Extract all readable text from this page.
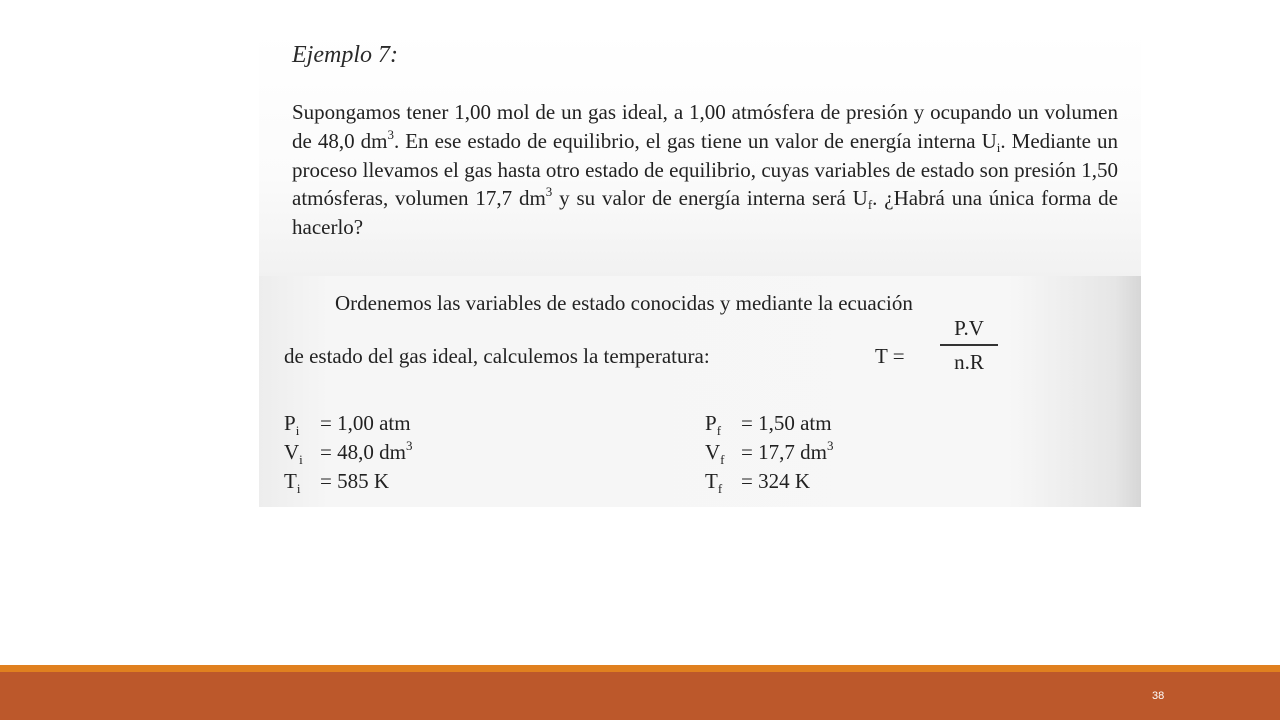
Ejemplo 7:

Supongamos tener 1,00 mol de un gas ideal, a 1,00 atmósfera de presión y ocupando un volumen de 48,0 $dm^3$. En ese estado de equilibrio, el gas tiene un valor de energía interna $U_i$. Mediante un proceso llevamos el gas hasta otro estado de equilibrio, cuyas variables de estado son presión 1,50 atmósferas, volumen 17,7 $dm^3$ y su valor de energía interna será $U_f$. ¿Habrá una única forma de hacerlo?

Ordenemos las variables de estado conocidas y mediante la ecuación
de estado del gas ideal, calculemos la temperatura:	$T = \frac{P.V}{n.R}$
$P_i = 1,00$ atm
$V_i = 48,0$ $dm^3$
$T_i = 585$ K
$P_f = 1,50$ atm
$V_f = 17,7$ $dm^3$
$T_f = 324$ K
38
